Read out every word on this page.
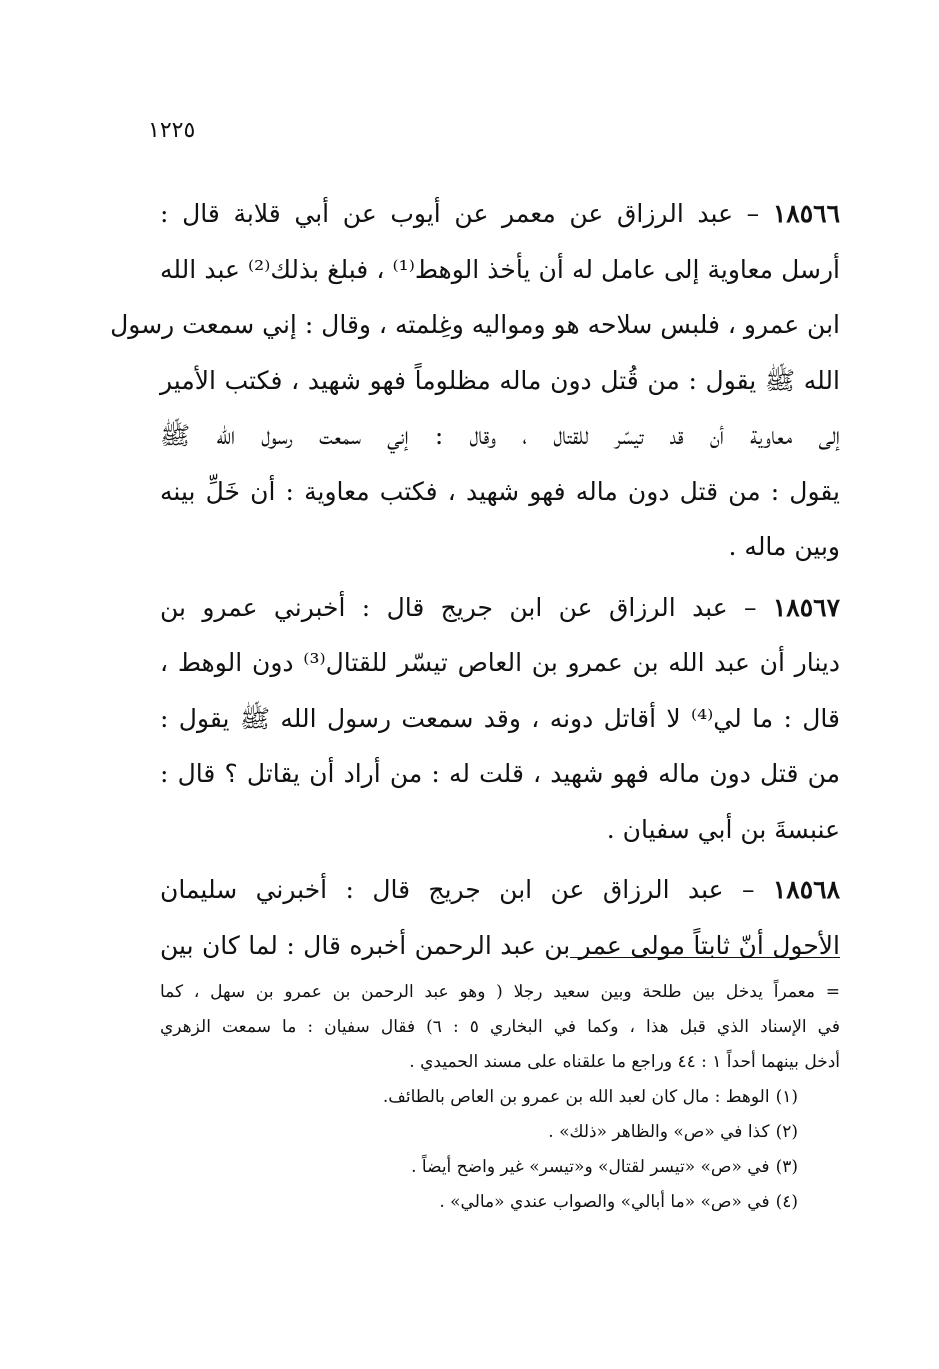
١٢٢٥

١٨٥٦٦ – عبد الرزاق عن معمر عن أيوب عن أبي قلابة قال :
أرسل معاوية إلى عامل له أن يأخذ الوهط⁽¹⁾ ، فبلغ بذلك⁽²⁾ عبد الله
ابن عمرو ، فلبس سلاحه هو ومواليه وغِلمته ، وقال : إني سمعت رسول
الله ﷺ يقول : من قُتل دون ماله مظلوماً فهو شهيد ، فكتب الأمير
إلى معاوية أن قد تيسّر للقتال ، وقال : إني سمعت رسول الله ﷺ
يقول : من قتل دون ماله فهو شهيد ، فكتب معاوية : أن خَلِّ بينه
وبين ماله .

١٨٥٦٧ – عبد الرزاق عن ابن جريج قال : أخبرني عمرو بن
دينار أن عبد الله بن عمرو بن العاص تيسّر للقتال⁽³⁾ دون الوهط ،
قال : ما لي⁽⁴⁾ لا أقاتل دونه ، وقد سمعت رسول الله ﷺ يقول :
من قتل دون ماله فهو شهيد ، قلت له : من أراد أن يقاتل ؟ قال :
عنبسةَ بن أبي سفيان .

١٨٥٦٨ – عبد الرزاق عن ابن جريج قال : أخبرني سليمان
الأحول أنّ ثابتاً مولى عمر بن عبد الرحمن أخبره قال : لما كان بين

= معمراً يدخل بين طلحة وبين سعيد رجلا ( وهو عبد الرحمن بن عمرو بن سهل ، كما
في الإسناد الذي قبل هذا ، وكما في البخاري ٥ : ٦) فقال سفيان : ما سمعت الزهري
أدخل بينهما أحداً ١ : ٤٤ وراجع ما علقناه على مسند الحميدي .
(١)الوهط : مال كان لعبد الله بن عمرو بن العاص بالطائف.
(٢)كذا في «ص» والظاهر «ذلك» .
(٣)في «ص» «تيسر لقتال» و«تيسر» غير واضح أيضاً .
(٤)في «ص» «ما أبالي» والصواب عندي «مالي» .
